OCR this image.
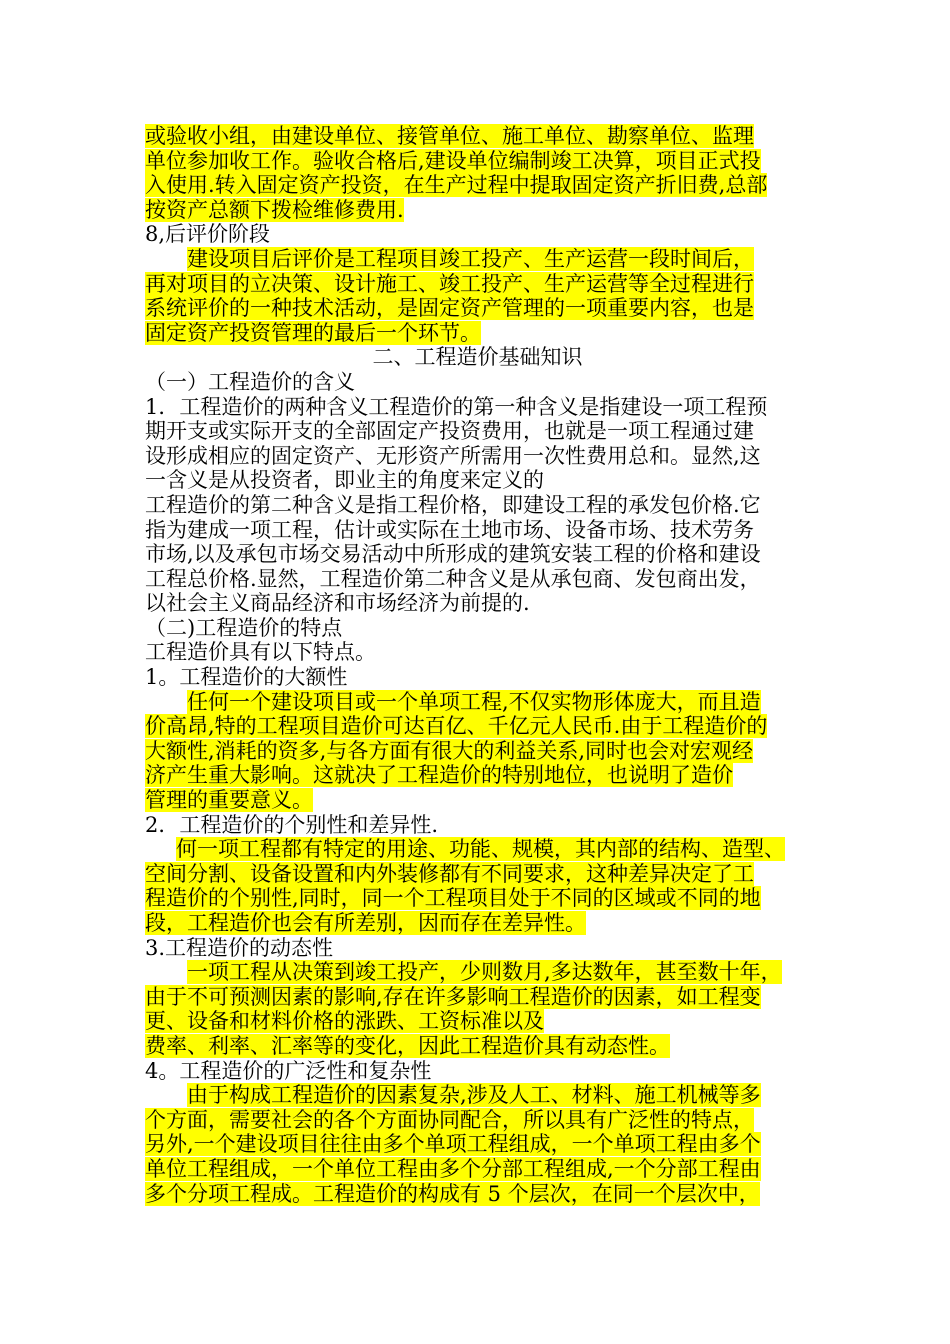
或验收小组，由建设单位、接管单位、施工单位、勘察单位、监理
单位参加收工作。验收合格后,建设单位编制竣工决算，项目正式投
入使用.转入固定资产投资，在生产过程中提取固定资产折旧费,总部
按资产总额下拨检维修费用.
8,后评价阶段
建设项目后评价是工程项目竣工投产、生产运营一段时间后，
再对项目的立决策、设计施工、竣工投产、生产运营等全过程进行
系统评价的一种技术活动，是固定资产管理的一项重要内容，也是
固定资产投资管理的最后一个环节。
二、工程造价基础知识
（一）工程造价的含义
1．工程造价的两种含义工程造价的第一种含义是指建设一项工程预
期开支或实际开支的全部固定产投资费用，也就是一项工程通过建
设形成相应的固定资产、无形资产所需用一次性费用总和。显然,这
一含义是从投资者，即业主的角度来定义的
工程造价的第二种含义是指工程价格，即建设工程的承发包价格.它
指为建成一项工程，估计或实际在土地市场、设备市场、技术劳务
市场,以及承包市场交易活动中所形成的建筑安装工程的价格和建设
工程总价格.显然，工程造价第二种含义是从承包商、发包商出发，
以社会主义商品经济和市场经济为前提的.
（二)工程造价的特点
工程造价具有以下特点。
1。工程造价的大额性
任何一个建设项目或一个单项工程,不仅实物形体庞大，而且造
价高昂,特的工程项目造价可达百亿、千亿元人民币.由于工程造价的
大额性,消耗的资多,与各方面有很大的利益关系,同时也会对宏观经
济产生重大影响。这就决了工程造价的特别地位，也说明了造价
管理的重要意义。
2．工程造价的个别性和差异性.
何一项工程都有特定的用途、功能、规模，其内部的结构、造型、
空间分割、设备设置和内外装修都有不同要求，这种差异决定了工
程造价的个别性,同时，同一个工程项目处于不同的区域或不同的地
段，工程造价也会有所差别，因而存在差异性。
3.工程造价的动态性
一项工程从决策到竣工投产，少则数月,多达数年，甚至数十年，
由于不可预测因素的影响,存在许多影响工程造价的因素，如工程变
更、设备和材料价格的涨跌、工资标准以及
费率、利率、汇率等的变化，因此工程造价具有动态性。
4。工程造价的广泛性和复杂性
由于构成工程造价的因素复杂,涉及人工、材料、施工机械等多
个方面，需要社会的各个方面协同配合，所以具有广泛性的特点，
另外,一个建设项目往往由多个单项工程组成，一个单项工程由多个
单位工程组成，一个单位工程由多个分部工程组成,一个分部工程由
多个分项工程成。工程造价的构成有 5 个层次，在同一个层次中，
